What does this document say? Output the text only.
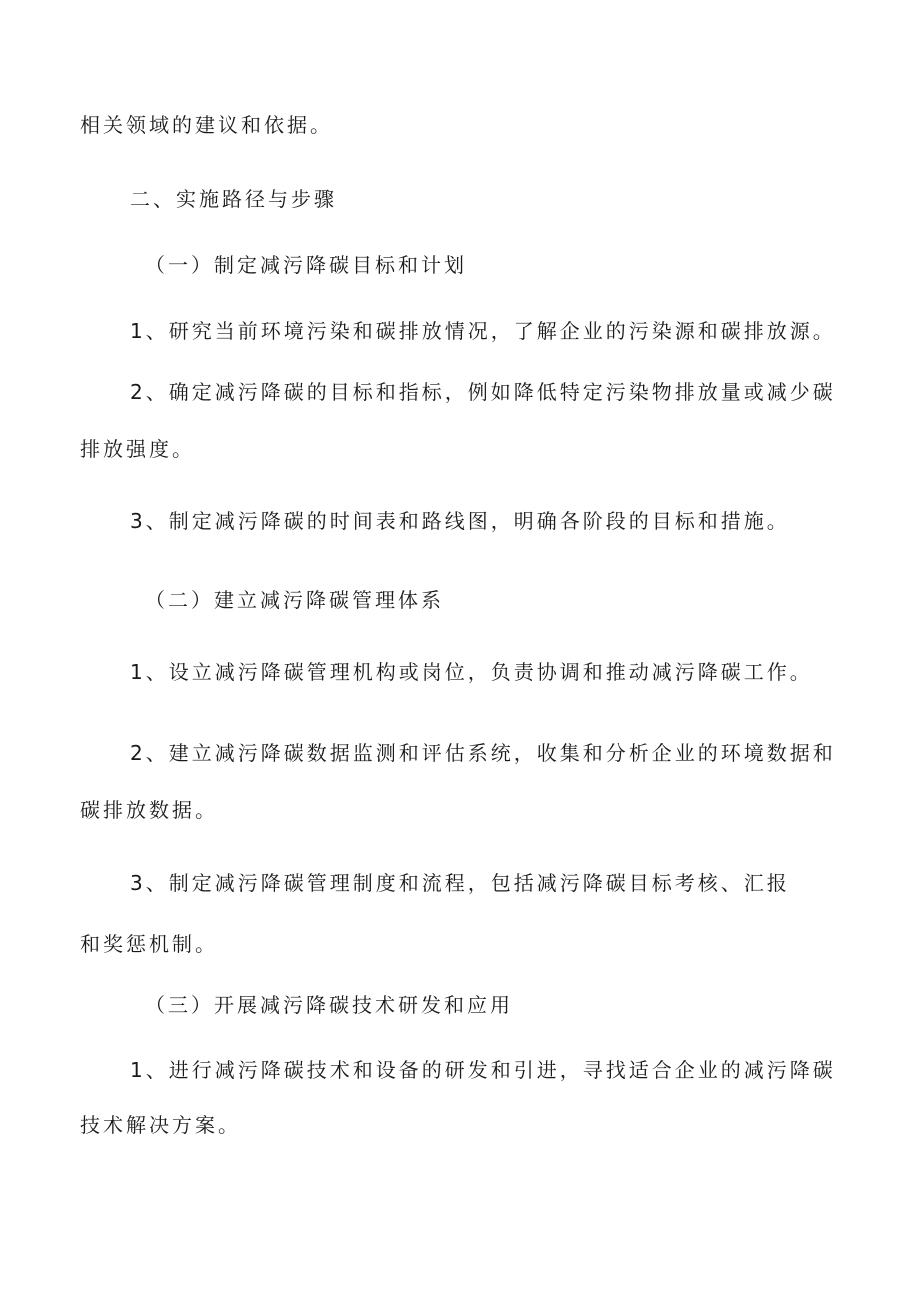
相关领域的建议和依据。
二、实施路径与步骤
（一）制定减污降碳目标和计划
1、研究当前环境污染和碳排放情况，了解企业的污染源和碳排放源。
2、确定减污降碳的目标和指标，例如降低特定污染物排放量或减少碳
排放强度。
3、制定减污降碳的时间表和路线图，明确各阶段的目标和措施。
（二）建立减污降碳管理体系
1、设立减污降碳管理机构或岗位，负责协调和推动减污降碳工作。
2、建立减污降碳数据监测和评估系统，收集和分析企业的环境数据和
碳排放数据。
3、制定减污降碳管理制度和流程，包括减污降碳目标考核、汇报
和奖惩机制。
（三）开展减污降碳技术研发和应用
1、进行减污降碳技术和设备的研发和引进，寻找适合企业的减污降碳
技术解决方案。
